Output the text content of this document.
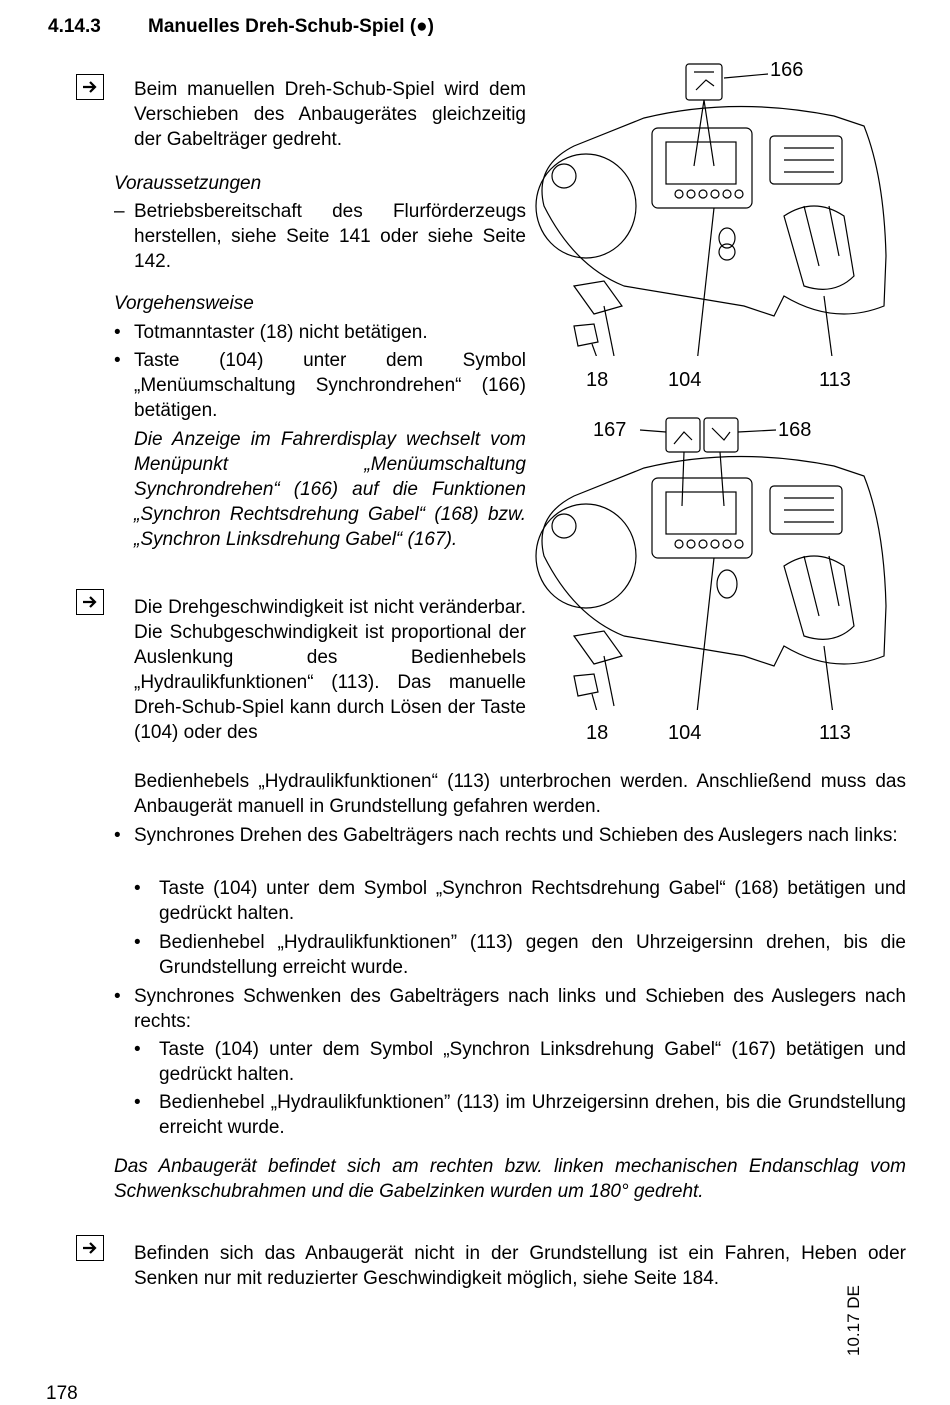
4.14.3 Manuelles Dreh-Schub-Spiel (●)
Beim manuellen Dreh-Schub-Spiel wird dem Verschieben des Anbaugerätes gleichzeitig der Gabelträger gedreht.
Voraussetzungen
– Betriebsbereitschaft des Flurförderzeugs herstellen, siehe Seite 141 oder siehe Seite 142.
Vorgehensweise
• Totmanntaster (18) nicht betätigen.
• Taste (104) unter dem Symbol „Menüumschaltung Synchrondrehen“ (166) betätigen.
Die Anzeige im Fahrerdisplay wechselt vom Menüpunkt „Menüumschaltung Synchrondrehen“ (166) auf die Funktionen „Synchron Rechtsdrehung Gabel“ (168) bzw. „Synchron Linksdrehung Gabel“ (167).
Die Drehgeschwindigkeit ist nicht veränderbar. Die Schubgeschwindigkeit ist proportional der Auslenkung des Bedienhebels „Hydraulikfunktionen“ (113). Das manuelle Dreh-Schub-Spiel kann durch Lösen der Taste (104) oder des
Bedienhebels „Hydraulikfunktionen“ (113) unterbrochen werden. Anschließend muss das Anbaugerät manuell in Grundstellung gefahren werden.
• Synchrones Drehen des Gabelträgers nach rechts und Schieben des Auslegers nach links:
• Taste (104) unter dem Symbol „Synchron Rechtsdrehung Gabel“ (168) betätigen und gedrückt halten.
• Bedienhebel „Hydraulikfunktionen” (113) gegen den Uhrzeigersinn drehen, bis die Grundstellung erreicht wurde.
• Synchrones Schwenken des Gabelträgers nach links und Schieben des Auslegers nach rechts:
• Taste (104) unter dem Symbol „Synchron Linksdrehung Gabel“ (167) betätigen und gedrückt halten.
• Bedienhebel „Hydraulikfunktionen” (113) im Uhrzeigersinn drehen, bis die Grundstellung erreicht wurde.
Das Anbaugerät befindet sich am rechten bzw. linken mechanischen Endanschlag vom Schwenkschubrahmen und die Gabelzinken wurden um 180° gedreht.
Befinden sich das Anbaugerät nicht in der Grundstellung ist ein Fahren, Heben oder Senken nur mit reduzierter Geschwindigkeit möglich, siehe Seite 184.
166
18	104	113
167	168
18	104	113
178
10.17 DE
